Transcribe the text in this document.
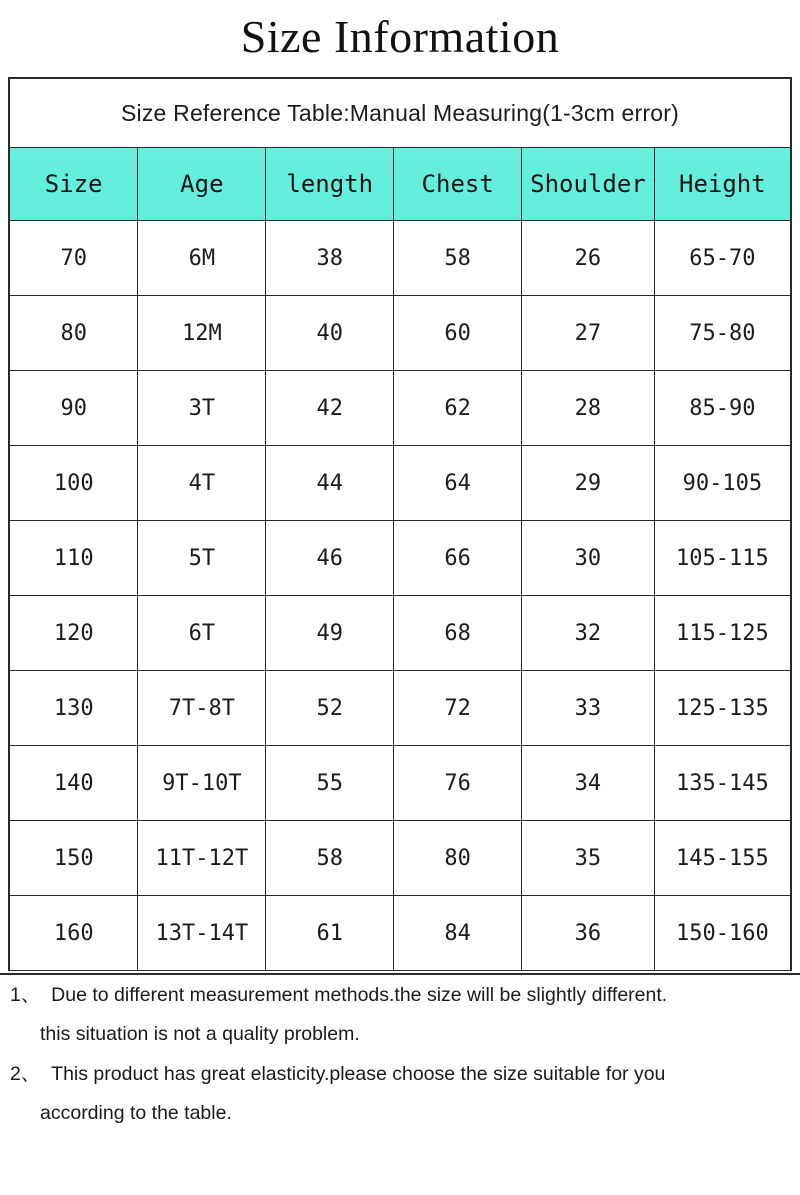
Size Information
Size Reference Table:Manual Measuring(1-3cm error)					
Size	Age	length	Chest	Shoulder	Height
70	6M	38	58	26	65-70
80	12M	40	60	27	75-80
90	3T	42	62	28	85-90
100	4T	44	64	29	90-105
110	5T	46	66	30	105-115
120	6T	49	68	32	115-125
130	7T-8T	52	72	33	125-135
140	9T-10T	55	76	34	135-145
150	11T-12T	58	80	35	145-155
160	13T-14T	61	84	36	150-160

1、  Due to different measurement methods.the size will be slightly different.

this situation is not a quality problem.

2、  This product has great elasticity.please choose the size suitable for you

according to the table.
